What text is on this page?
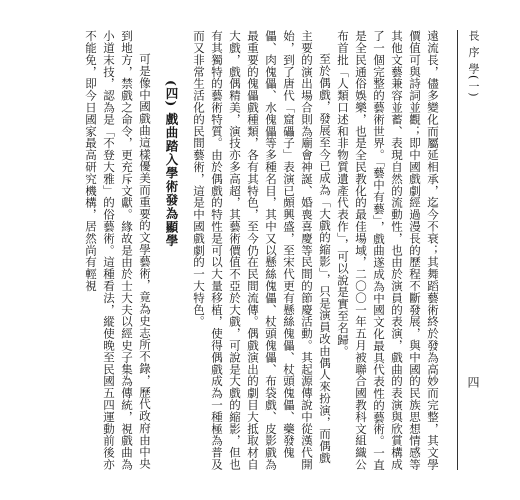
長 序 學(一)
四

遠流長，儘多變化而屬延相承，迄今不衰；其舞蹈藝術終於發為高妙而完整，其文學價值可與詩詞並觀；即中國戲劇經過漫長的歷程不斷發展，與中國的民族思想情感等其他文藝兼容並蓄、表現自然的流動性，也由於演員的表演，戲曲的表演與欣賞構成了一個完整的藝術世界。「藝中有藝」，戲曲遂成為中國文化最具代表性的藝術。一直是全民通俗娛樂，也是全民教化的最佳場域，二〇〇一年五月被聯合國教科文組織公布首批「人類口述和非物質遺產代表作」，可以說是實至名歸。

至於偶戲，發展至今已成為「大戲的縮影」，只是演員改由偶人來扮演，而偶戲主要的演出場合則為廟會神誕、婚喪喜慶等民間的節慶活動。其起源傳說中從漢代開始，到了唐代「窟礧子」表演已頗興盛，至宋代更有懸絲傀儡、杖頭傀儡、藥發傀儡、肉傀儡、水傀儡等多種名目，其中又以懸絲傀儡、杖頭傀儡、布袋戲、皮影戲為最重要的傀儡戲種類，各有其特色，至今仍在民間流傳。偶戲演出的劇目大抵取材自大戲，戲偶精美，演技亦多高超，其藝術價值不亞於大戲，可說是大戲的縮影，但也有其獨特的藝術特質。由於偶戲的特性是可以大量移植，使得偶戲成為一種極為普及而又非常生活化的民間藝術，這是中國戲劇的一大特色。

(四) 戲曲踏入學術發為顯學

可是像中國戲曲這樣優美而重要的文學藝術，竟為史志所不錄，歷代政府由中央到地方，禁戲之命令，更充斥文獻。緣故是由於士大夫以經史子集為傳統，視戲曲為小道末技，認為是「不登大雅」的俗藝術。這種看法，縱使晚至民國五四運動前後亦不能免，即今日國家最高研究機構，居然尚有輕視
